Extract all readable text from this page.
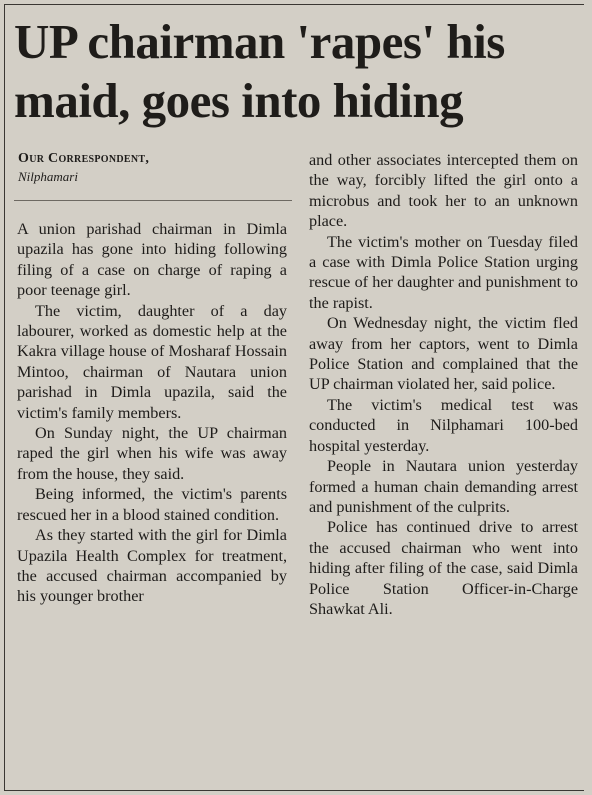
UP chairman 'rapes' his
maid, goes into hiding
Our Correspondent,
Nilphamari

A union parishad chairman in Dimla upazila has gone into hiding following filing of a case on charge of raping a poor teenage girl.

The victim, daughter of a day labourer, worked as domestic help at the Kakra village house of Mosharaf Hossain Mintoo, chairman of Nautara union parishad in Dimla upazila, said the victim's family members.

On Sunday night, the UP chairman raped the girl when his wife was away from the house, they said.

Being informed, the victim's parents rescued her in a blood stained condition.

As they started with the girl for Dimla Upazila Health Complex for treatment, the accused chairman accompanied by his younger brother

and other associates intercepted them on the way, forcibly lifted the girl onto a microbus and took her to an unknown place.

The victim's mother on Tuesday filed a case with Dimla Police Station urging rescue of her daughter and punishment to the rapist.

On Wednesday night, the victim fled away from her captors, went to Dimla Police Station and complained that the UP chairman violated her, said police.

The victim's medical test was conducted in Nilphamari 100-bed hospital yesterday.

People in Nautara union yesterday formed a human chain demanding arrest and punishment of the culprits.

Police has continued drive to arrest the accused chairman who went into hiding after filing of the case, said Dimla Police Station Officer-in-Charge Shawkat Ali.
